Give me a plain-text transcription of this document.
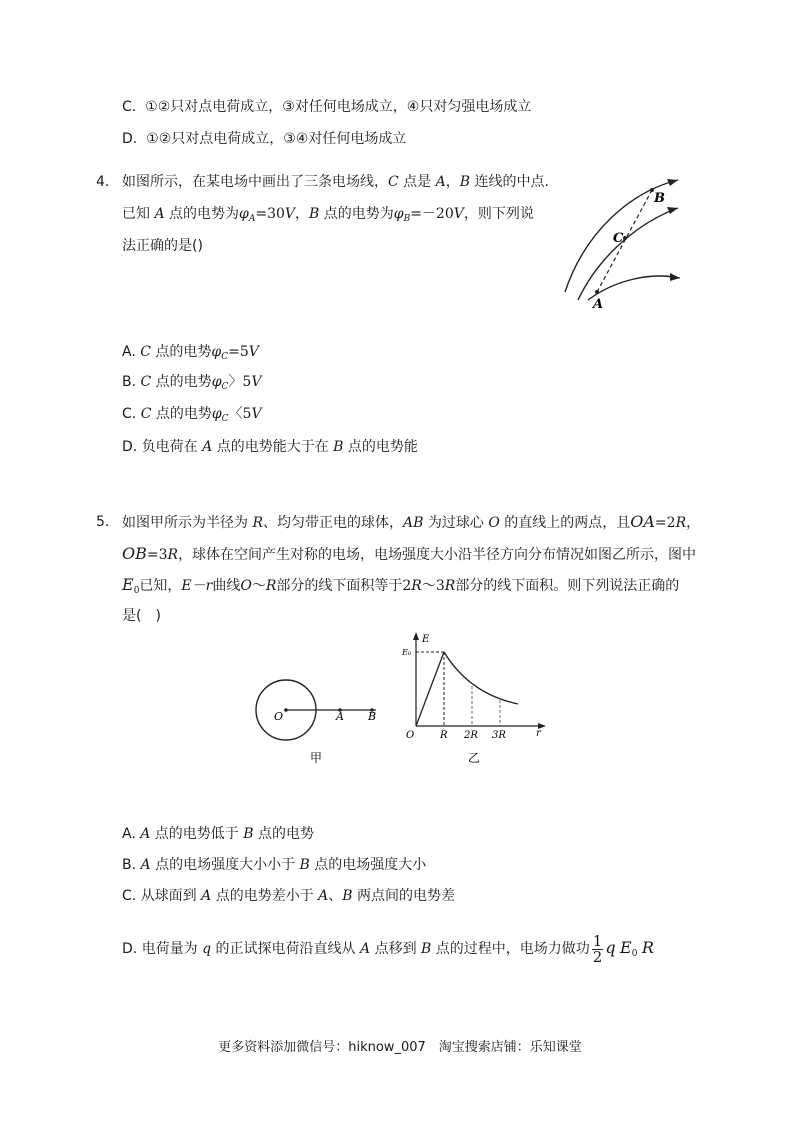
C. ①②只对点电荷成立，③对任何电场成立，④只对匀强电场成立
D. ①②只对点电荷成立，③④对任何电场成立
4. 如图所示，在某电场中画出了三条电场线，C 点是 A，B 连线的中点.
已知 A 点的电势为$\varphi_A=30V$，B 点的电势为$\varphi_B=-20V$，则下列说
法正确的是()
A
B
C
A. C 点的电势$\varphi_C=5V$
B. C 点的电势$\varphi_C$〉5V
C. C 点的电势$\varphi_C$〈5V
D. 负电荷在 A 点的电势能大于在 B 点的电势能
5. 如图甲所示为半径为 R、均匀带正电的球体，AB 为过球心 O 的直线上的两点，且OA=2R，
OB=3R，球体在空间产生对称的电场，电场强度大小沿半径方向分布情况如图乙所示，图中
$E_0$已知，E－r曲线O～R部分的线下面积等于2R～3R部分的线下面积。则下列说法正确的
是(　)
O	A B
甲
E
E₀
O	R 2R 3R	r
乙
A. A 点的电势低于 B 点的电势
B. A 点的电场强度大小小于 B 点的电场强度大小
C. 从球面到 A 点的电势差小于 A、B 两点间的电势差
D. 电荷量为 q 的正试探电荷沿直线从 A 点移到 B 点的过程中，电场力做功 $\frac{1}{2}$ q $E_0$ R
更多资料添加微信号：hiknow_007　淘宝搜索店铺：乐知课堂
